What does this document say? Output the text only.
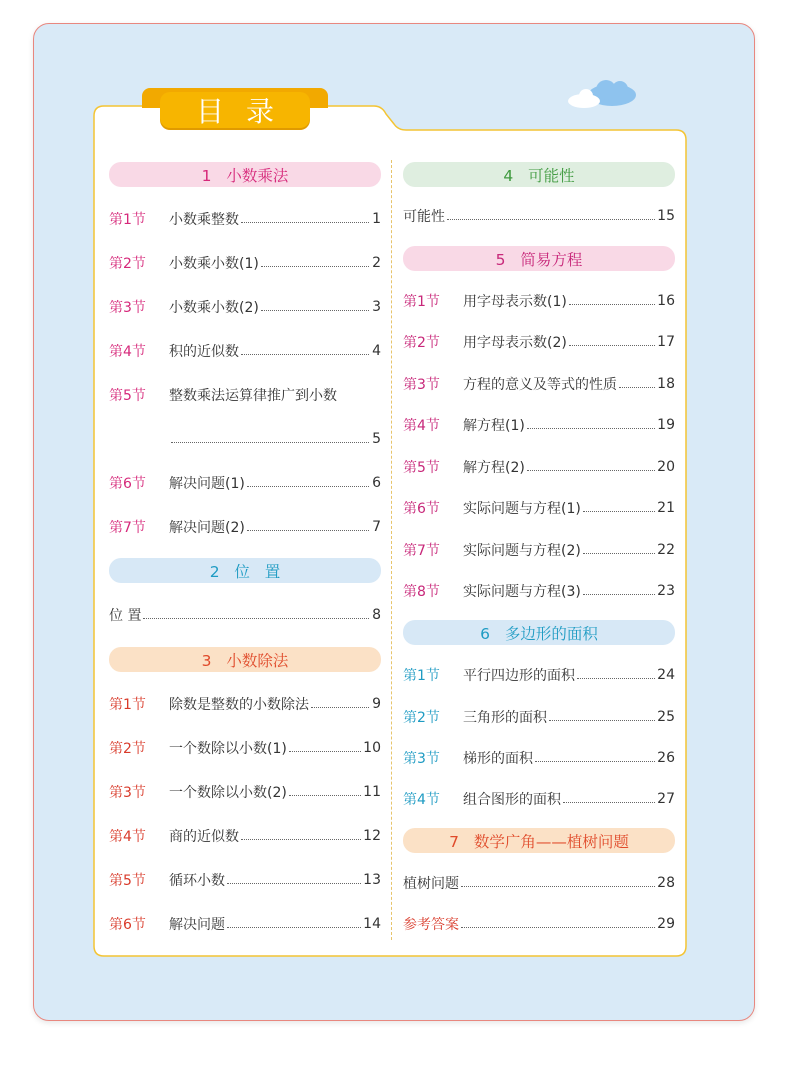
目录
1   小数乘法
第1节	小数乘整数	1
第2节	小数乘小数(1)	2
第3节	小数乘小数(2)	3
第4节	积的近似数	4
第5节	整数乘法运算律推广到小数
5
第6节	解决问题(1)	6
第7节	解决问题(2)	7
2   位   置
位 置	8
3   小数除法
第1节	除数是整数的小数除法	9
第2节	一个数除以小数(1)	10
第3节	一个数除以小数(2)	11
第4节	商的近似数	12
第5节	循环小数	13
第6节	解决问题	14
4   可能性
可能性	15
5   简易方程
第1节	用字母表示数(1)	16
第2节	用字母表示数(2)	17
第3节	方程的意义及等式的性质	18
第4节	解方程(1)	19
第5节	解方程(2)	20
第6节	实际问题与方程(1)	21
第7节	实际问题与方程(2)	22
第8节	实际问题与方程(3)	23
6   多边形的面积
第1节	平行四边形的面积	24
第2节	三角形的面积	25
第3节	梯形的面积	26
第4节	组合图形的面积	27
7   数学广角——植树问题
植树问题	28
参考答案	29
